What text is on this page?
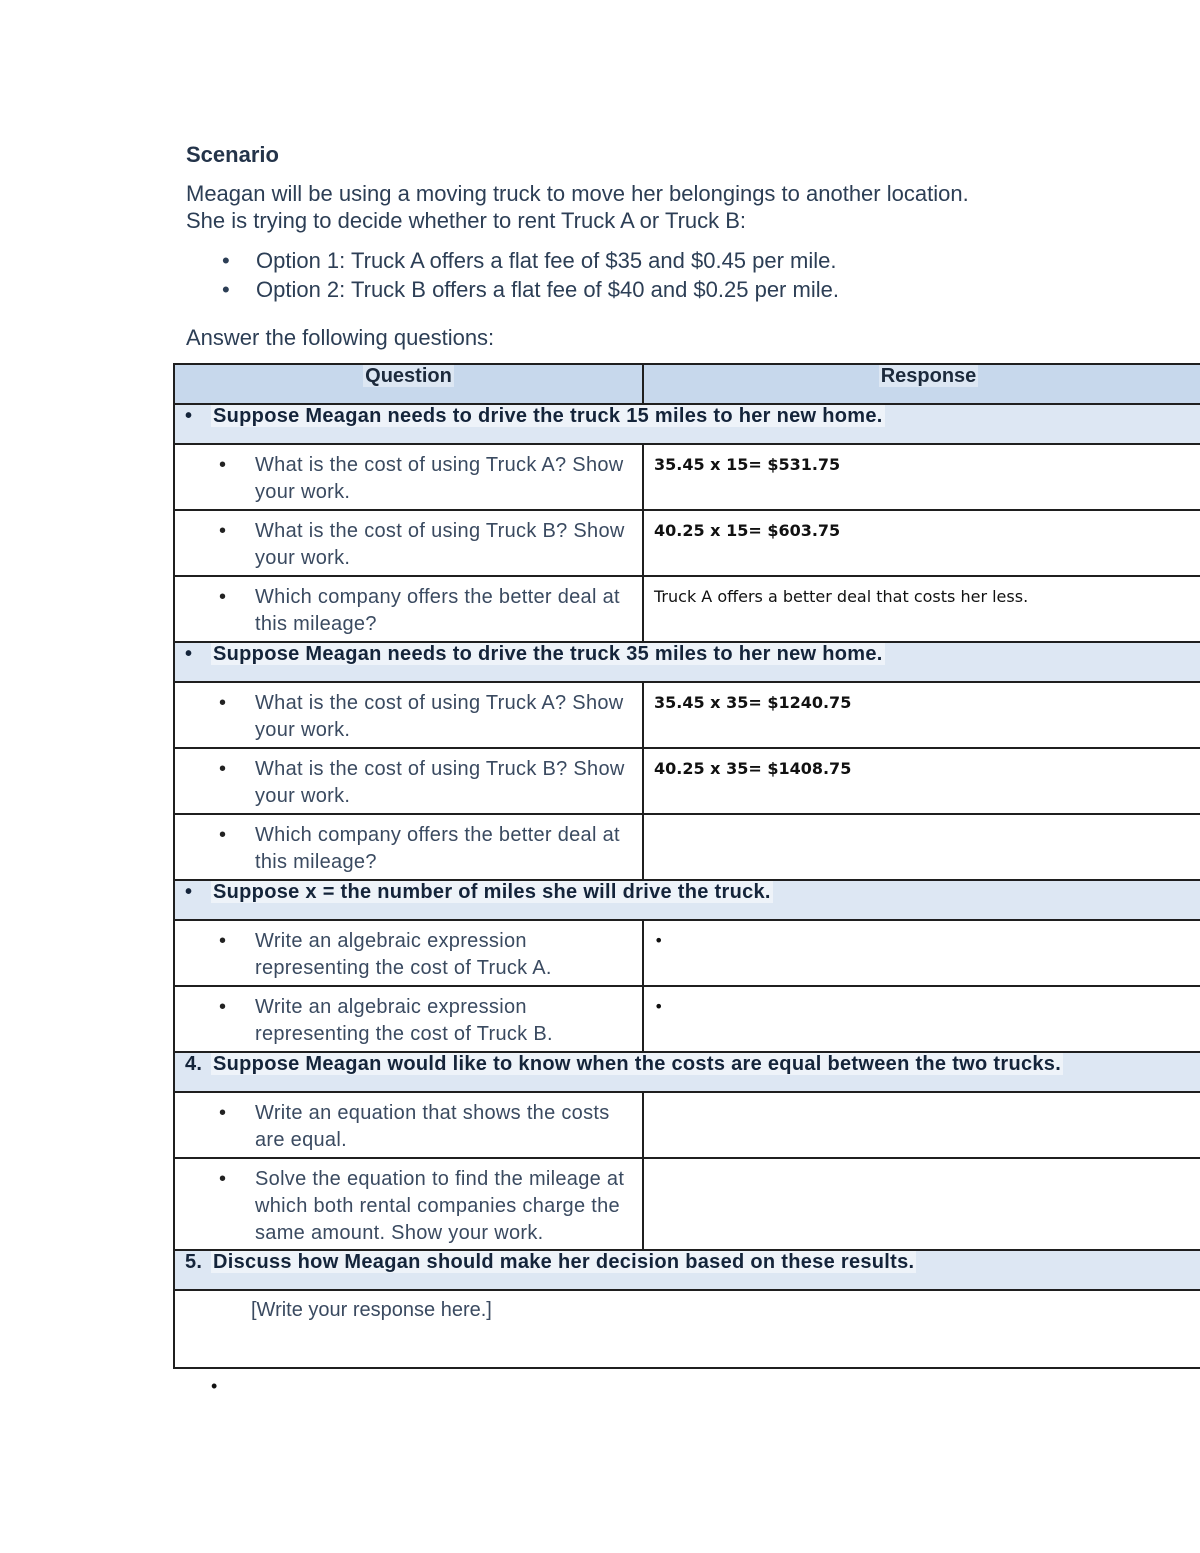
Scenario
Meagan will be using a moving truck to move her belongings to another location. She is trying to decide whether to rent Truck A or Truck B:
• Option 1: Truck A offers a flat fee of $35 and $0.45 per mile.
• Option 2: Truck B offers a flat fee of $40 and $0.25 per mile.
Answer the following questions:
Question	Response
• Suppose Meagan needs to drive the truck 15 miles to her new home.	

• What is the cost of using Truck A? Show your work.	35.45 x 15= $531.75

• What is the cost of using Truck B? Show your work.	40.25 x 15= $603.75

• Which company offers the better deal at this mileage?	Truck A offers a better deal that costs her less.

• Suppose Meagan needs to drive the truck 35 miles to her new home.	

• What is the cost of using Truck A? Show your work.	35.45 x 35= $1240.75

• What is the cost of using Truck B? Show your work.	40.25 x 35= $1408.75

• Which company offers the better deal at this mileage?	

• Suppose x = the number of miles she will drive the truck.	

• Write an algebraic expression representing the cost of Truck A.	•

• Write an algebraic expression representing the cost of Truck B.	•

4. Suppose Meagan would like to know when the costs are equal between the two trucks.	

• Write an equation that shows the costs are equal.	

• Solve the equation to find the mileage at which both rental companies charge the same amount. Show your work.	

5. Discuss how Meagan should make her decision based on these results.	

[Write your response here.]	
•
